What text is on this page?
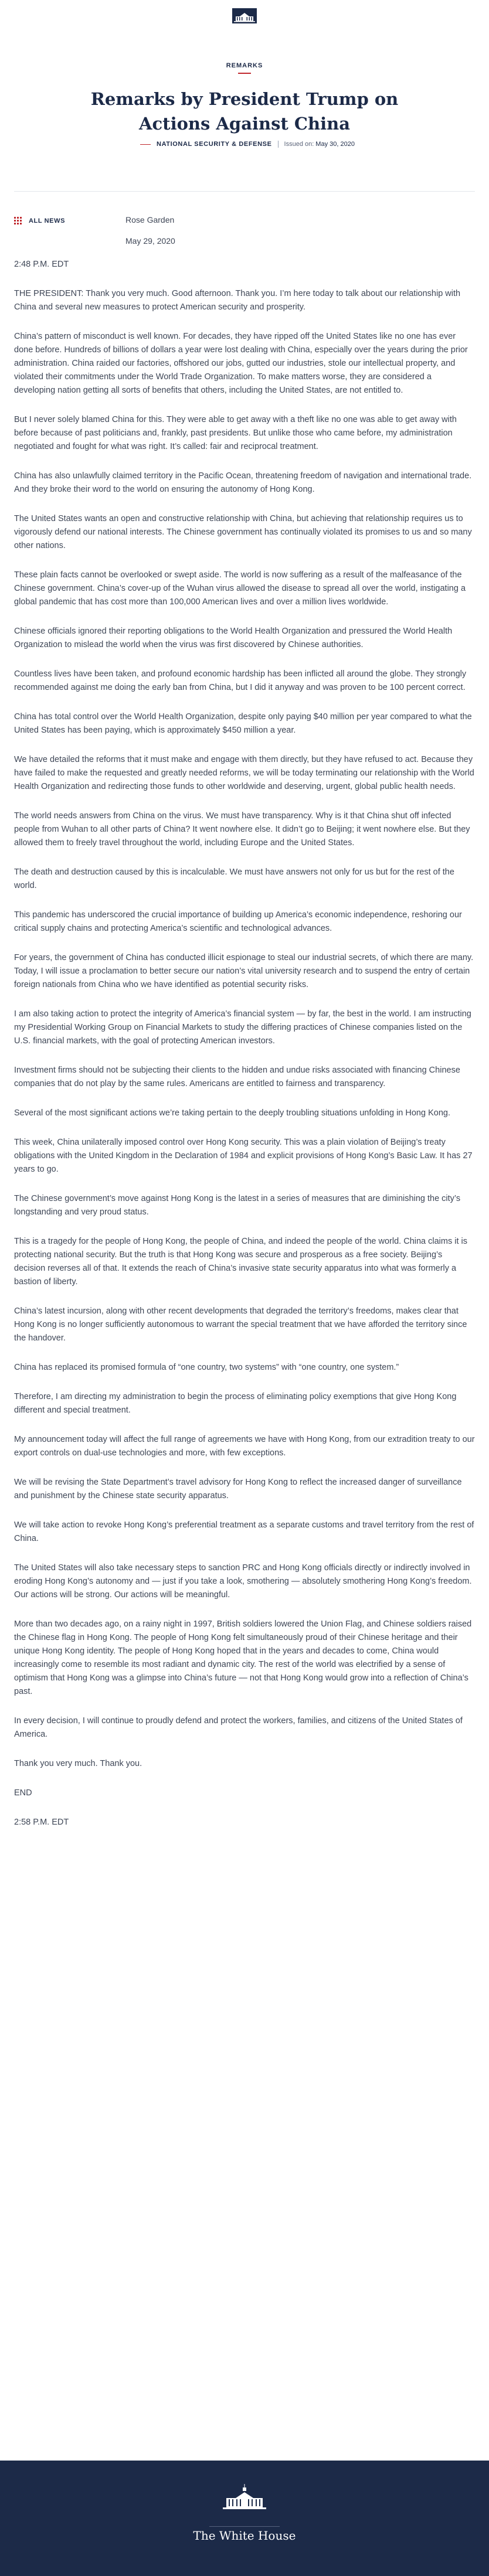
REMARKS
Remarks by President Trump on Actions Against China
NATIONAL SECURITY & DEFENSE Issued on: May 30, 2020
ALL NEWS	Rose Garden
May 29, 2020

2:48 P.M. EDT

THE PRESIDENT: Thank you very much. Good afternoon. Thank you. I’m here today to talk about our relationship with China and several new measures to protect American security and prosperity.

China’s pattern of misconduct is well known. For decades, they have ripped off the United States like no one has ever done before. Hundreds of billions of dollars a year were lost dealing with China, especially over the years during the prior administration. China raided our factories, offshored our jobs, gutted our industries, stole our intellectual property, and violated their commitments under the World Trade Organization. To make matters worse, they are considered a developing nation getting all sorts of benefits that others, including the United States, are not entitled to.

But I never solely blamed China for this. They were able to get away with a theft like no one was able to get away with before because of past politicians and, frankly, past presidents. But unlike those who came before, my administration negotiated and fought for what was right. It’s called: fair and reciprocal treatment.

China has also unlawfully claimed territory in the Pacific Ocean, threatening freedom of navigation and international trade. And they broke their word to the world on ensuring the autonomy of Hong Kong.

The United States wants an open and constructive relationship with China, but achieving that relationship requires us to vigorously defend our national interests. The Chinese government has continually violated its promises to us and so many other nations.

These plain facts cannot be overlooked or swept aside. The world is now suffering as a result of the malfeasance of the Chinese government. China’s cover-up of the Wuhan virus allowed the disease to spread all over the world, instigating a global pandemic that has cost more than 100,000 American lives and over a million lives worldwide.

Chinese officials ignored their reporting obligations to the World Health Organization and pressured the World Health Organization to mislead the world when the virus was first discovered by Chinese authorities.

Countless lives have been taken, and profound economic hardship has been inflicted all around the globe. They strongly recommended against me doing the early ban from China, but I did it anyway and was proven to be 100 percent correct.

China has total control over the World Health Organization, despite only paying $40 million per year compared to what the United States has been paying, which is approximately $450 million a year.

We have detailed the reforms that it must make and engage with them directly, but they have refused to act. Because they have failed to make the requested and greatly needed reforms, we will be today terminating our relationship with the World Health Organization and redirecting those funds to other worldwide and deserving, urgent, global public health needs.

The world needs answers from China on the virus. We must have transparency. Why is it that China shut off infected people from Wuhan to all other parts of China? It went nowhere else. It didn’t go to Beijing; it went nowhere else. But they allowed them to freely travel throughout the world, including Europe and the United States.

The death and destruction caused by this is incalculable. We must have answers not only for us but for the rest of the world.

This pandemic has underscored the crucial importance of building up America’s economic independence, reshoring our critical supply chains and protecting America’s scientific and technological advances.

For years, the government of China has conducted illicit espionage to steal our industrial secrets, of which there are many. Today, I will issue a proclamation to better secure our nation’s vital university research and to suspend the entry of certain foreign nationals from China who we have identified as potential security risks.

I am also taking action to protect the integrity of America’s financial system — by far, the best in the world. I am instructing my Presidential Working Group on Financial Markets to study the differing practices of Chinese companies listed on the U.S. financial markets, with the goal of protecting American investors.

Investment firms should not be subjecting their clients to the hidden and undue risks associated with financing Chinese companies that do not play by the same rules. Americans are entitled to fairness and transparency.

Several of the most significant actions we’re taking pertain to the deeply troubling situations unfolding in Hong Kong.

This week, China unilaterally imposed control over Hong Kong security. This was a plain violation of Beijing’s treaty obligations with the United Kingdom in the Declaration of 1984 and explicit provisions of Hong Kong’s Basic Law. It has 27 years to go.

The Chinese government’s move against Hong Kong is the latest in a series of measures that are diminishing the city’s longstanding and very proud status.

This is a tragedy for the people of Hong Kong, the people of China, and indeed the people of the world. China claims it is protecting national security. But the truth is that Hong Kong was secure and prosperous as a free society. Beijing’s decision reverses all of that. It extends the reach of China’s invasive state security apparatus into what was formerly a bastion of liberty.

China’s latest incursion, along with other recent developments that degraded the territory’s freedoms, makes clear that Hong Kong is no longer sufficiently autonomous to warrant the special treatment that we have afforded the territory since the handover.

China has replaced its promised formula of “one country, two systems” with “one country, one system.”

Therefore, I am directing my administration to begin the process of eliminating policy exemptions that give Hong Kong different and special treatment.

My announcement today will affect the full range of agreements we have with Hong Kong, from our extradition treaty to our export controls on dual-use technologies and more, with few exceptions.

We will be revising the State Department’s travel advisory for Hong Kong to reflect the increased danger of surveillance and punishment by the Chinese state security apparatus.

We will take action to revoke Hong Kong’s preferential treatment as a separate customs and travel territory from the rest of China.

The United States will also take necessary steps to sanction PRC and Hong Kong officials directly or indirectly involved in eroding Hong Kong’s autonomy and — just if you take a look, smothering — absolutely smothering Hong Kong’s freedom. Our actions will be strong. Our actions will be meaningful.

More than two decades ago, on a rainy night in 1997, British soldiers lowered the Union Flag, and Chinese soldiers raised the Chinese flag in Hong Kong. The people of Hong Kong felt simultaneously proud of their Chinese heritage and their unique Hong Kong identity. The people of Hong Kong hoped that in the years and decades to come, China would increasingly come to resemble its most radiant and dynamic city. The rest of the world was electrified by a sense of optimism that Hong Kong was a glimpse into China’s future — not that Hong Kong would grow into a reflection of China’s past.

In every decision, I will continue to proudly defend and protect the workers, families, and citizens of the United States of America.

Thank you very much. Thank you.

END

2:58 P.M. EDT

The White House
